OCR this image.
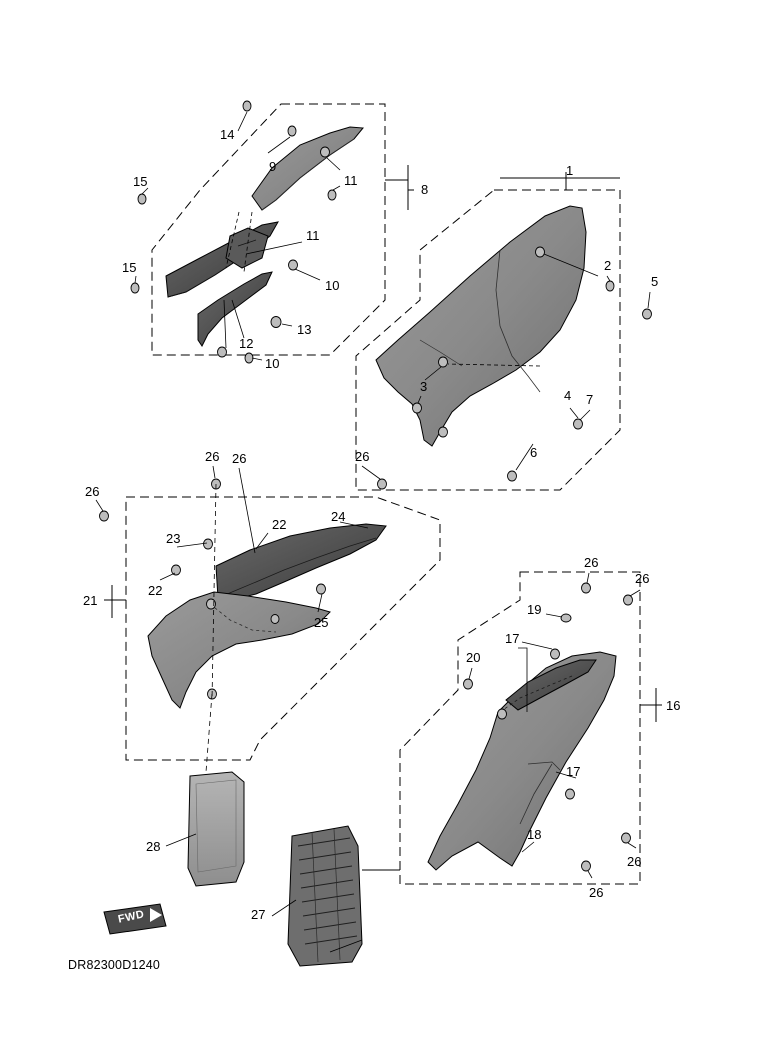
FWD
14
9
11
8
15
11
15
10
13
12
10
1
2
5
3
4 7
6
26 26	26
26
22
24
23
22
21
25
26
26
19
17
20
16
17
18
26
26
28
27
DR82300D1240
